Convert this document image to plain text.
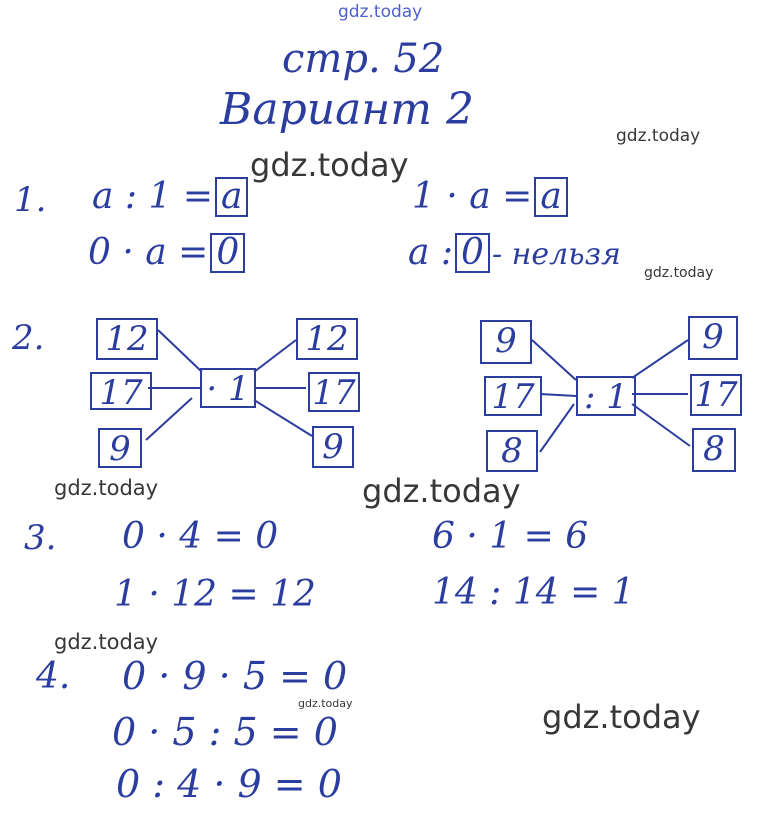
gdz.today
gdz.today
gdz.today
gdz.today
gdz.today	gdz.today
gdz.today
gdz.today	gdz.today
стр. 52
Вариант 2
1. a : 1 = a
0 · a = 0
1 · a = a
a : 0 - нельзя
2. 12
17
9
· 1
12
17
9
9
17
8
: 1
9
17
8
3. 0 · 4 = 0
1 · 12 = 12
6 · 1 = 6
14 : 14 = 1
4. 0 · 9 · 5 = 0
0 · 5 : 5 = 0
0 : 4 · 9 = 0
